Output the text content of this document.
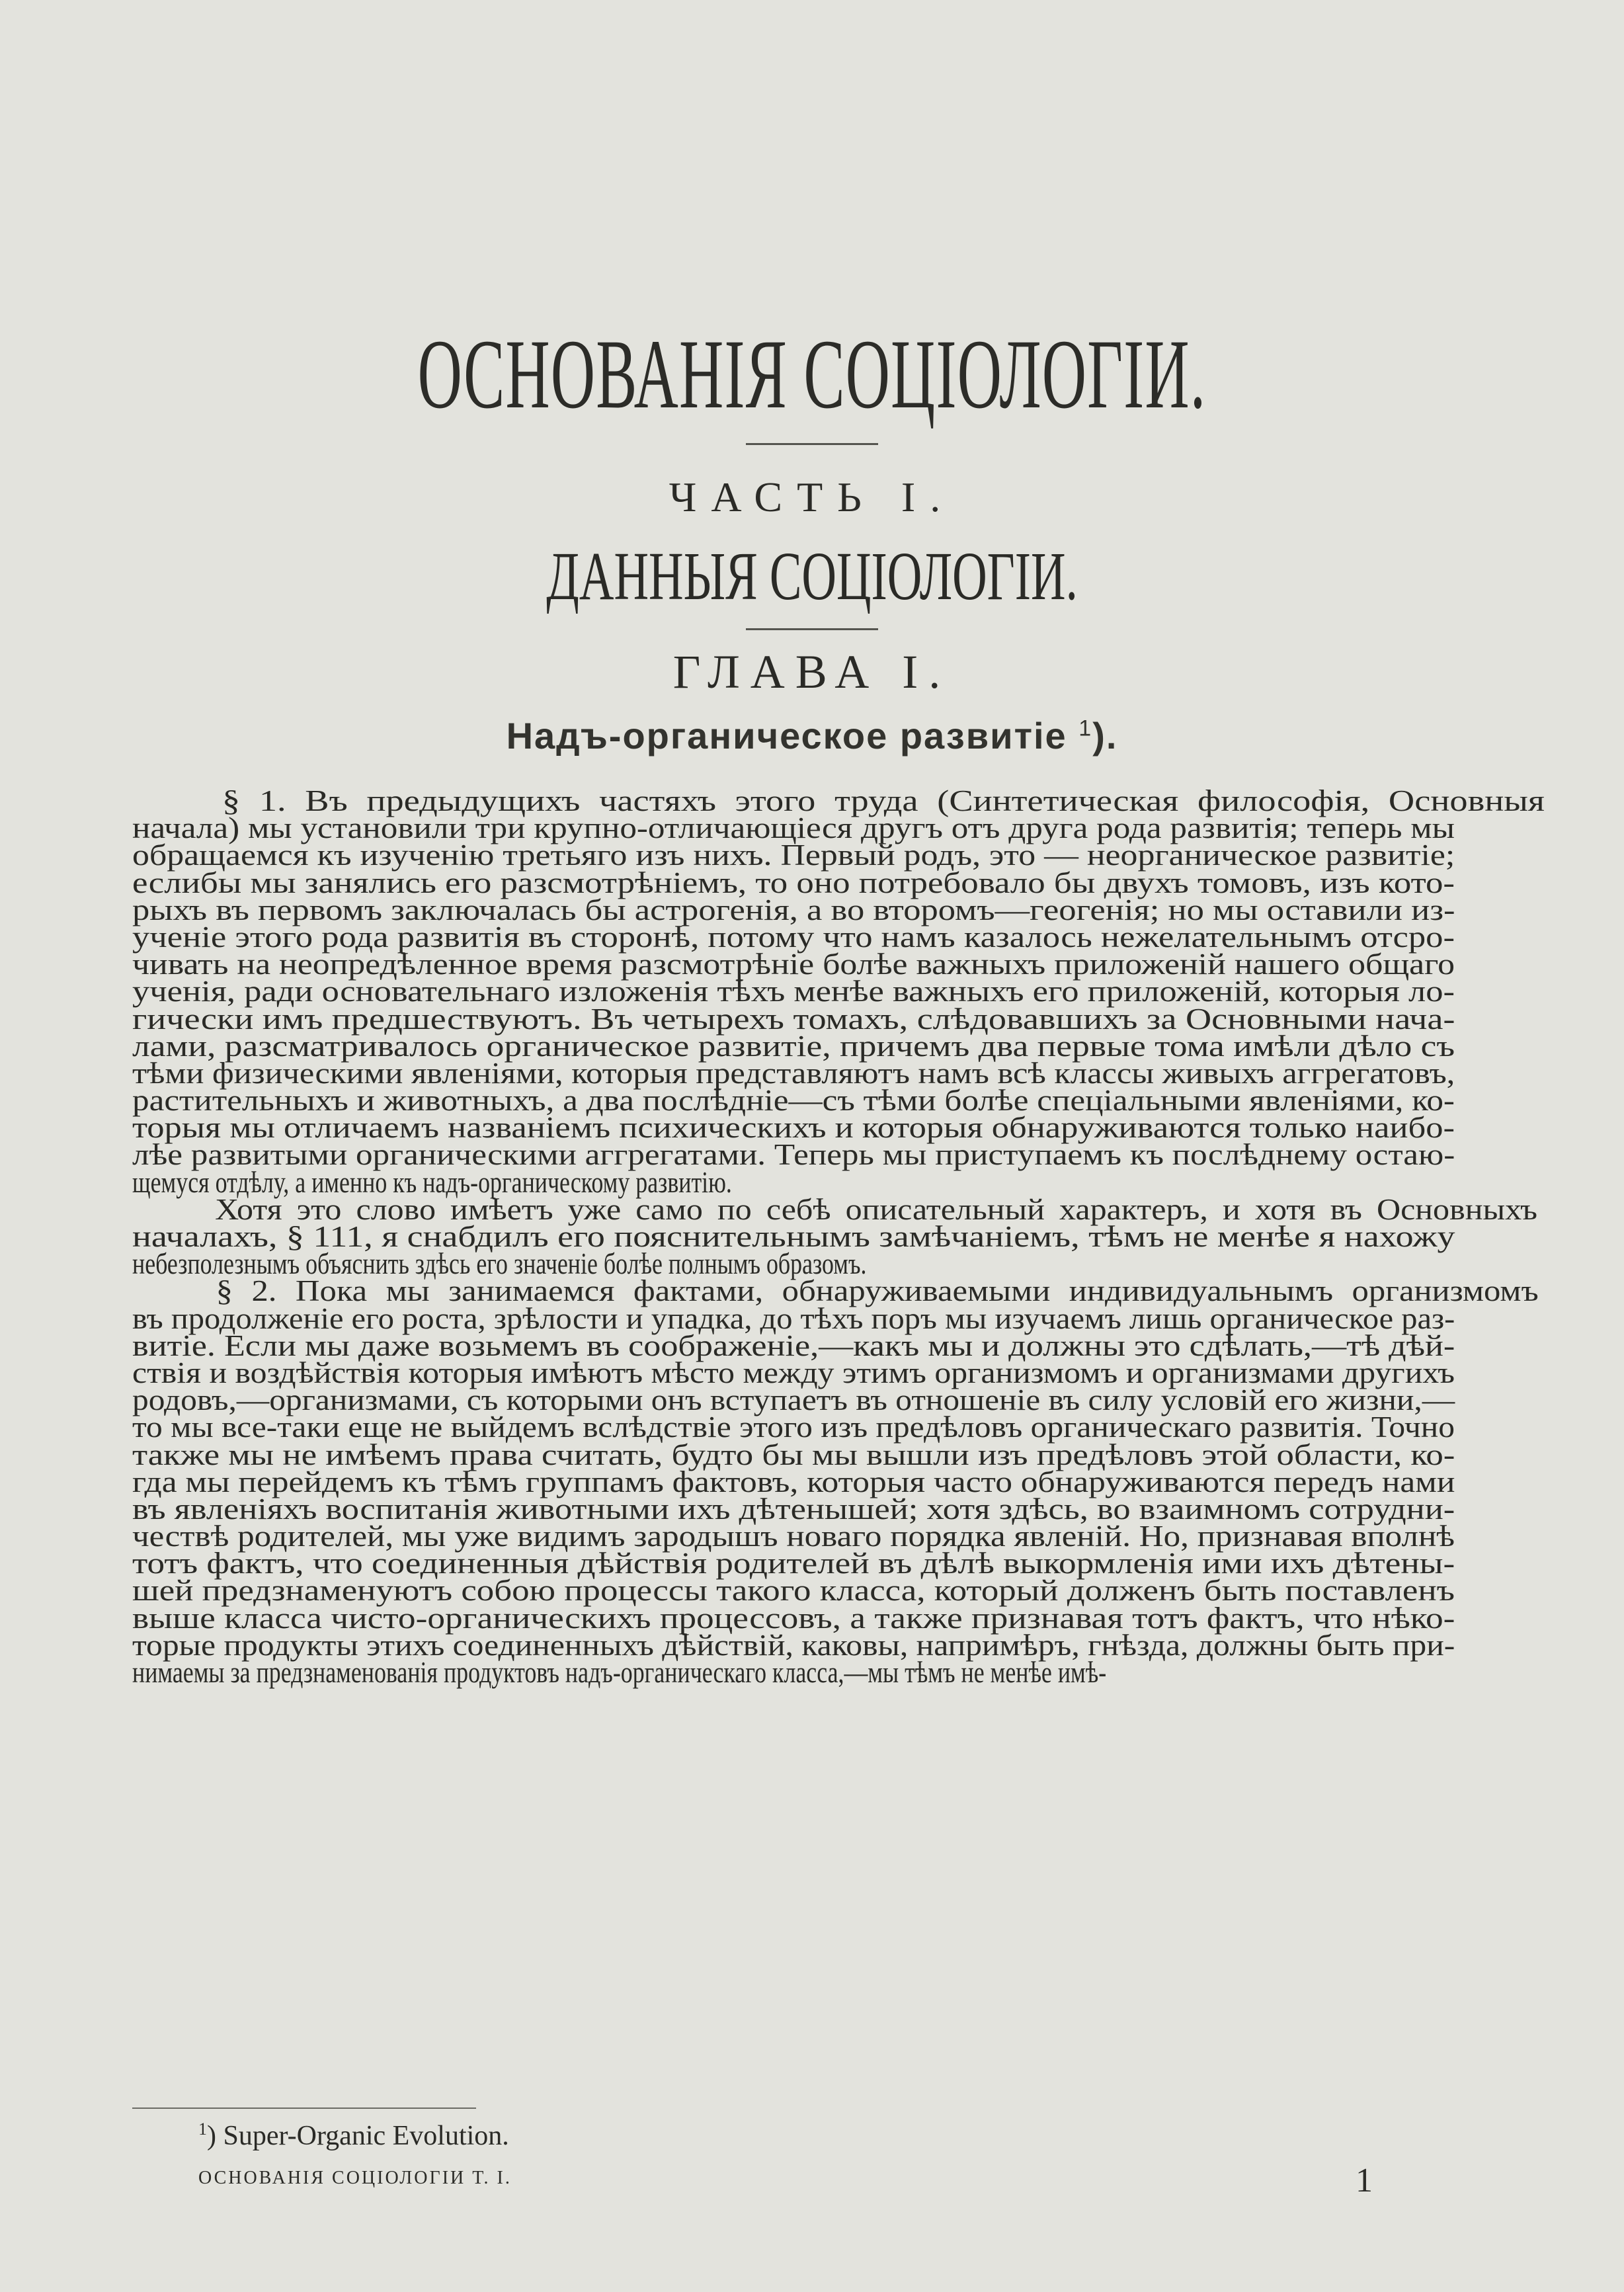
ОСНОВАНІЯ СОЦІОЛОГІИ.
ЧАСТЬ I.
ДАННЫЯ СОЦІОЛОГІИ.
ГЛАВА I.
Надъ-органическое развитіе $^1$).
§ 1. Въ предыдущихъ частяхъ этого труда (Синтетическая философія, Основныя
начала) мы установили три крупно-отличающіеся другъ отъ друга рода развитія; теперь мы
обращаемся къ изученію третьяго изъ нихъ. Первый родъ, это — неорганическое развитіе;
еслибы мы занялись его разсмотрѣніемъ, то оно потребовало бы двухъ томовъ, изъ кото-
рыхъ въ первомъ заключалась бы астрогенія, а во второмъ—геогенія; но мы оставили из-
ученіе этого рода развитія въ сторонѣ, потому что намъ казалось нежелательнымъ отсро-
чивать на неопредѣленное время разсмотрѣніе болѣе важныхъ приложеній нашего общаго
ученія, ради основательнаго изложенія тѣхъ менѣе важныхъ его приложеній, которыя ло-
гически имъ предшествуютъ. Въ четырехъ томахъ, слѣдовавшихъ за Основными нача-
лами, разсматривалось органическое развитіе, причемъ два первые тома имѣли дѣло съ
тѣми физическими явленіями, которыя представляютъ намъ всѣ классы живыхъ аггрегатовъ,
растительныхъ и животныхъ, а два послѣдніе—съ тѣми болѣе спеціальными явленіями, ко-
торыя мы отличаемъ названіемъ психическихъ и которыя обнаруживаются только наибо-
лѣе развитыми органическими аггрегатами. Теперь мы приступаемъ къ послѣднему остаю-
щемуся отдѣлу, а именно къ надъ-органическому развитію.
Хотя это слово имѣетъ уже само по себѣ описательный характеръ, и хотя въ Основныхъ
началахъ, § 111, я снабдилъ его пояснительнымъ замѣчаніемъ, тѣмъ не менѣе я нахожу
небезполезнымъ объяснить здѣсь его значеніе болѣе полнымъ образомъ.
§ 2. Пока мы занимаемся фактами, обнаруживаемыми индивидуальнымъ организмомъ
въ продолженіе его роста, зрѣлости и упадка, до тѣхъ поръ мы изучаемъ лишь органическое раз-
витіе. Если мы даже возьмемъ въ соображеніе,—какъ мы и должны это сдѣлать,—тѣ дѣй-
ствія и воздѣйствія которыя имѣютъ мѣсто между этимъ организмомъ и организмами другихъ
родовъ,—организмами, съ которыми онъ вступаетъ въ отношеніе въ силу условій его жизни,—
то мы все-таки еще не выйдемъ вслѣдствіе этого изъ предѣловъ органическаго развитія. Точно
также мы не имѣемъ права считать, будто бы мы вышли изъ предѣловъ этой области, ко-
гда мы перейдемъ къ тѣмъ группамъ фактовъ, которыя часто обнаруживаются передъ нами
въ явленіяхъ воспитанія животными ихъ дѣтенышей; хотя здѣсь, во взаимномъ сотрудни-
чествѣ родителей, мы уже видимъ зародышъ новаго порядка явленій. Но, признавая вполнѣ
тотъ фактъ, что соединенныя дѣйствія родителей въ дѣлѣ выкормленія ими ихъ дѣтены-
шей предзнаменуютъ собою процессы такого класса, который долженъ быть поставленъ
выше класса чисто-органическихъ процессовъ, а также признавая тотъ фактъ, что нѣко-
торые продукты этихъ соединенныхъ дѣйствій, каковы, напримѣръ, гнѣзда, должны быть при-
нимаемы за предзнаменованія продуктовъ надъ-органическаго класса,—мы тѣмъ не менѣе имѣ-
$^1$) Super-Organic Evolution.
ОСНОВАНІЯ СОЦІОЛОГІИ Т. I.	1
